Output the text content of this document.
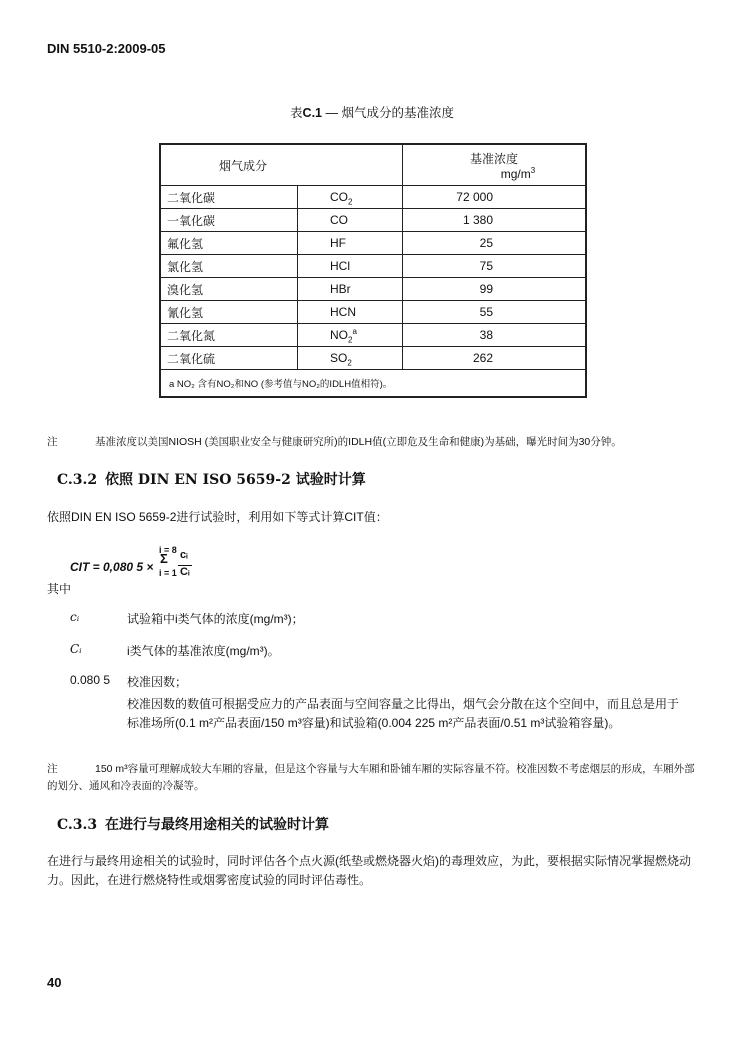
DIN 5510-2:2009-05
表C.1 — 烟气成分的基准浓度
烟气成分		基准浓度
$mg/m^3$

二氧化碳	$CO_2$	72 000
一氧化碳	CO	1 380
氟化氢	HF	25
氯化氢	HCl	75
溴化氢	HBr	99
氰化氢	HCN	55
二氧化氮	$NO_2^a$	38
二氧化硫	$SO_2$	262
a NO₂ 含有NO₂和NO (参考值与NO₂的IDLH值相符)。		
注	基准浓度以美国NIOSH (美国职业安全与健康研究所)的IDLH值(立即危及生命和健康)为基础，曝光时间为30分钟。
C.3.2 依照 DIN EN ISO 5659-2 试验时计算
依照DIN EN ISO 5659-2进行试验时，利用如下等式计算CIT值：
CIT = 0,080 5 ×
i = 8
Σ
i = 1
cᵢ
Cᵢ
其中
cᵢ	试验箱中i类气体的浓度(mg/m³)；
Cᵢ	i类气体的基准浓度(mg/m³)。
0.080 5 校准因数；
校准因数的数值可根据受应力的产品表面与空间容量之比得出，烟气会分散在这个空间中，而且总是用于标准场所(0.1 m²产品表面/150 m³容量)和试验箱(0.004 225 m²产品表面/0.51 m³试验箱容量)。
注	150 m³容量可理解成较大车厢的容量，但是这个容量与大车厢和卧铺车厢的实际容量不符。校准因数不考虑烟层的形成，车厢外部的划分、通风和冷表面的冷凝等。
C.3.3 在进行与最终用途相关的试验时计算
在进行与最终用途相关的试验时，同时评估各个点火源(纸垫或燃烧器火焰)的毒理效应，为此，要根据实际情况掌握燃烧动力。因此，在进行燃烧特性或烟雾密度试验的同时评估毒性。
40
